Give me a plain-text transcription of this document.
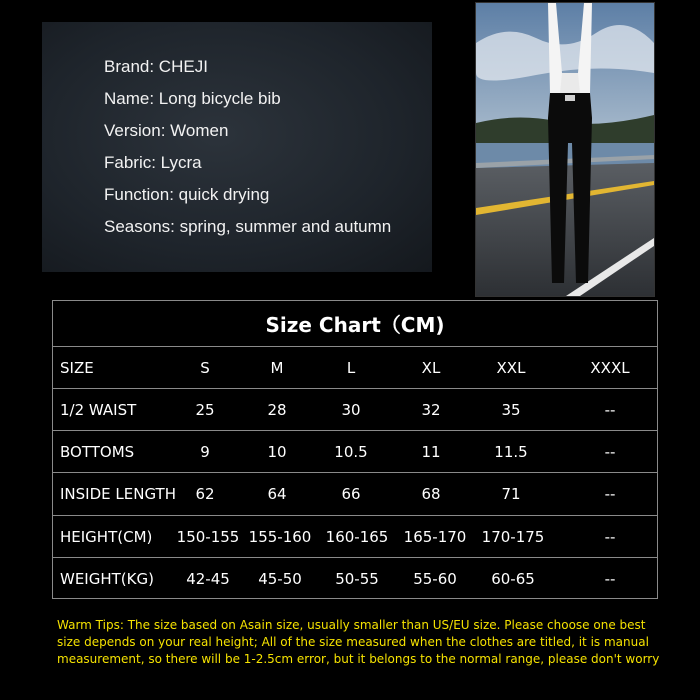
Brand: CHEJI
Name: Long bicycle bib
Version: Women
Fabric: Lycra
Function: quick drying
Seasons: spring, summer and autumn
Size Chart（CM)
SIZE	S	M	L	XL	XXL	XXXL
1/2 WAIST	25	28	30	32	35	--
BOTTOMS	9	10	10.5	11	11.5	--
INSIDE LENGTH	62	64	66	68	71	--
HEIGHT(CM) 150-155 155-160 160-165 165-170 170-175	--
WEIGHT(KG)	42-45	45-50	50-55	55-60	60-65	--
Warm Tips: The size based on Asain size, usually smaller than US/EU size. Please choose one best size depends on your real height; All of the size measured when the clothes are titled, it is manual measurement, so there will be 1-2.5cm error, but it belongs to the normal range, please don't worry
